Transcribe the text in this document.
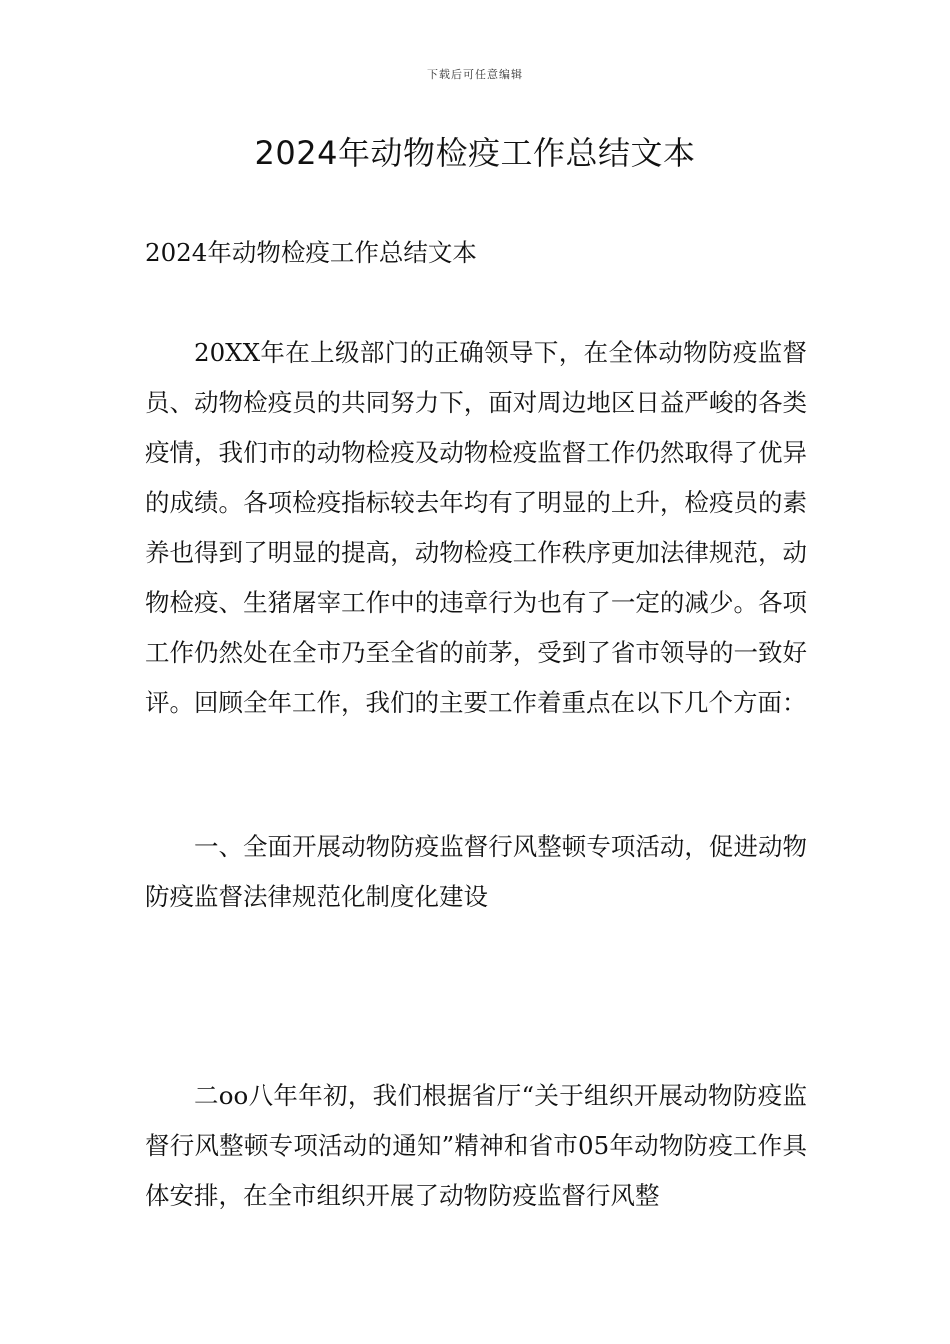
下载后可任意编辑
2024年动物检疫工作总结文本

2024年动物检疫工作总结文本

20XX年在上级部门的正确领导下，在全体动物防疫监督员、动物检疫员的共同努力下，面对周边地区日益严峻的各类疫情，我们市的动物检疫及动物检疫监督工作仍然取得了优异的成绩。各项检疫指标较去年均有了明显的上升，检疫员的素养也得到了明显的提高，动物检疫工作秩序更加法律规范，动物检疫、生猪屠宰工作中的违章行为也有了一定的减少。各项工作仍然处在全市乃至全省的前茅，受到了省市领导的一致好评。回顾全年工作，我们的主要工作着重点在以下几个方面：

一、全面开展动物防疫监督行风整顿专项活动，促进动物防疫监督法律规范化制度化建设

二oo八年年初，我们根据省厅“关于组织开展动物防疫监督行风整顿专项活动的通知”精神和省市05年动物防疫工作具体安排，在全市组织开展了动物防疫监督行风整
